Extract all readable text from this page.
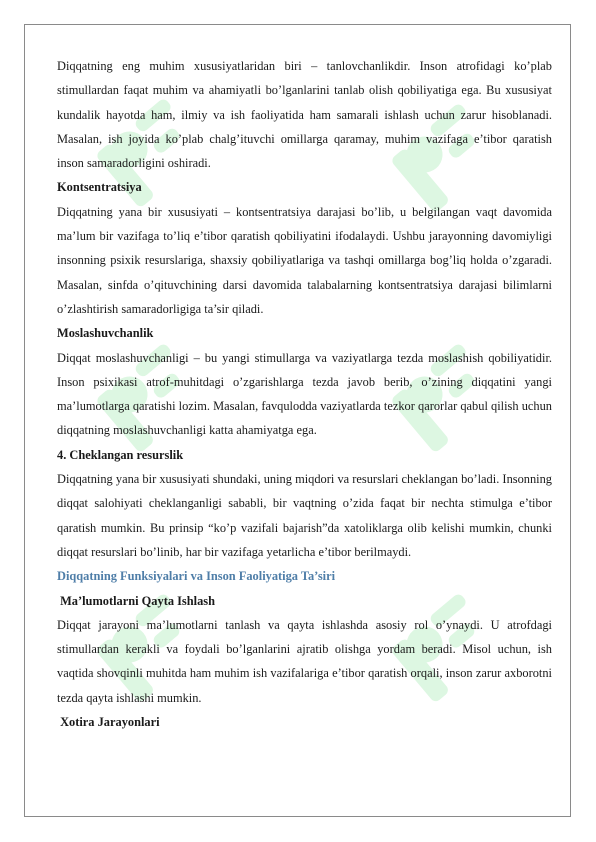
Diqqatning eng muhim xususiyatlaridan biri – tanlovchanlikdir. Inson atrofidagi ko’plab stimullardan faqat muhim va ahamiyatli bo’lganlarini tanlab olish qobiliyatiga ega. Bu xususiyat kundalik hayotda ham, ilmiy va ish faoliyatida ham samarali ishlash uchun zarur hisoblanadi. Masalan, ish joyida ko’plab chalg’ituvchi omillarga qaramay, muhim vazifaga e’tibor qaratish inson samaradorligini oshiradi.

Kontsentratsiya

Diqqatning yana bir xususiyati – kontsentratsiya darajasi bo’lib, u belgilangan vaqt davomida ma’lum bir vazifaga to’liq e’tibor qaratish qobiliyatini ifodalaydi. Ushbu jarayonning davomiyligi insonning psixik resurslariga, shaxsiy qobiliyatlariga va tashqi omillarga bog’liq holda o’zgaradi. Masalan, sinfda o’qituvchining darsi davomida talabalarning kontsentratsiya darajasi bilimlarni o’zlashtirish samaradorligiga ta’sir qiladi.

Moslashuvchanlik

Diqqat moslashuvchanligi – bu yangi stimullarga va vaziyatlarga tezda moslashish qobiliyatidir. Inson psixikasi atrof-muhitdagi o’zgarishlarga tezda javob berib, o’zining diqqatini yangi ma’lumotlarga qaratishi lozim. Masalan, favqulodda vaziyatlarda tezkor qarorlar qabul qilish uchun diqqatning moslashuvchanligi katta ahamiyatga ega.

4. Cheklangan resurslik

Diqqatning yana bir xususiyati shundaki, uning miqdori va resurslari cheklangan bo’ladi. Insonning diqqat salohiyati cheklanganligi sababli, bir vaqtning o’zida faqat bir nechta stimulga e’tibor qaratish mumkin. Bu prinsip “ko’p vazifali bajarish”da xatoliklarga olib kelishi mumkin, chunki diqqat resurslari bo’linib, har bir vazifaga yetarlicha e’tibor berilmaydi.

Diqqatning Funksiyalari va Inson Faoliyatiga Ta’siri

Ma’lumotlarni Qayta Ishlash

Diqqat jarayoni ma’lumotlarni tanlash va qayta ishlashda asosiy rol o’ynaydi. U atrofdagi stimullardan kerakli va foydali bo’lganlarini ajratib olishga yordam beradi. Misol uchun, ish vaqtida shovqinli muhitda ham muhim ish vazifalariga e’tibor qaratish orqali, inson zarur axborotni tezda qayta ishlashi mumkin.

Xotira Jarayonlari
